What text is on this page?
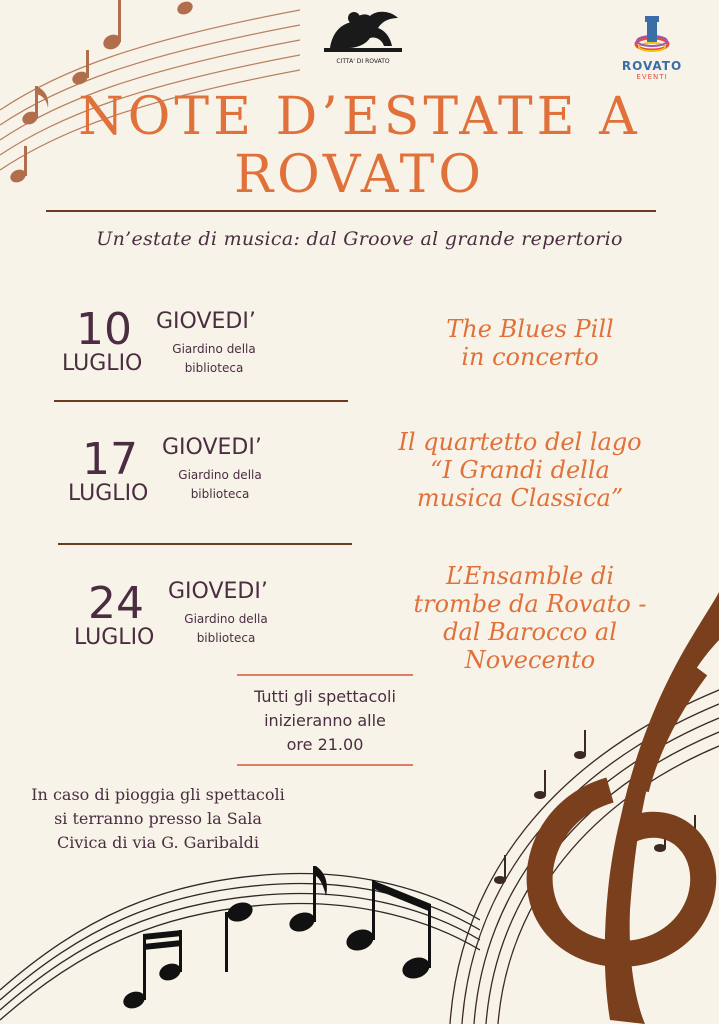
CITTA' DI ROVATO	ROVATO
EVENTI
NOTE D’ESTATE A
ROVATO
Un’estate di musica: dal Groove al grande repertorio
10
LUGLIO
GIOVEDI’
Giardino della
biblioteca
The Blues Pill
in concerto
17
LUGLIO
GIOVEDI’
Giardino della
biblioteca
Il quartetto del lago
“I Grandi della
musica Classica”
24
LUGLIO
GIOVEDI’
Giardino della
biblioteca
L’Ensamble di
trombe da Rovato -
dal Barocco al
Novecento
Tutti gli spettacoli
inizieranno alle
ore 21.00
In caso di pioggia gli spettacoli
si terranno presso la Sala
Civica di via G. Garibaldi
